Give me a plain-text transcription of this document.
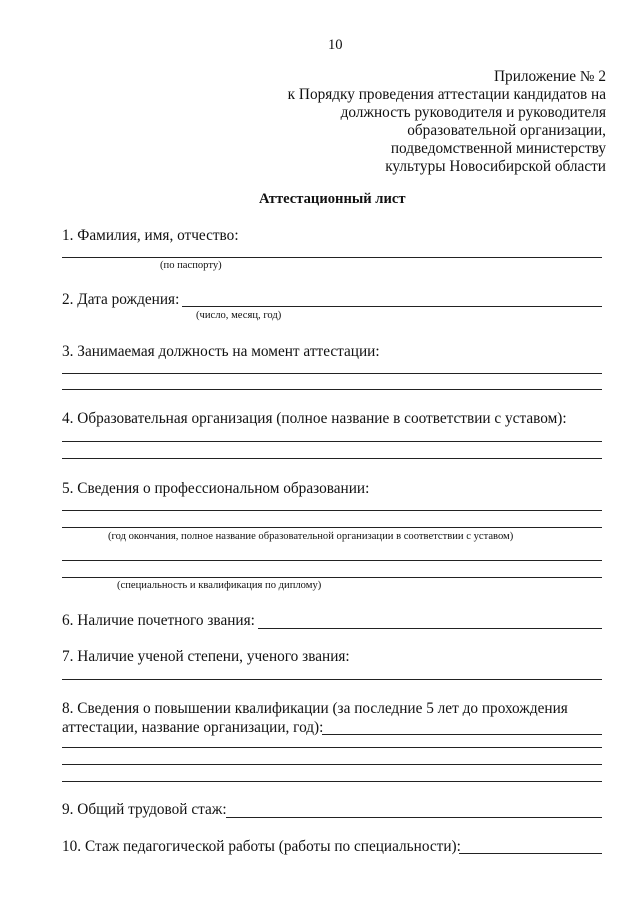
10
Приложение № 2
к Порядку проведения аттестации кандидатов на
должность руководителя и руководителя
образовательной организации,
подведомственной министерству
культуры Новосибирской области
Аттестационный лист
1. Фамилия, имя, отчество:
(по паспорту)
2. Дата рождения:
(число, месяц, год)
3. Занимаемая должность на момент аттестации:
4. Образовательная организация (полное название в соответствии с уставом):
5. Сведения о профессиональном образовании:
(год окончания, полное название образовательной организации в соответствии с уставом)
(специальность и квалификация по диплому)
6. Наличие почетного звания:
7. Наличие ученой степени, ученого звания:
8. Сведения о повышении квалификации (за последние 5 лет до прохождения
аттестации, название организации, год):
9. Общий трудовой стаж:
10. Стаж педагогической работы (работы по специальности):
